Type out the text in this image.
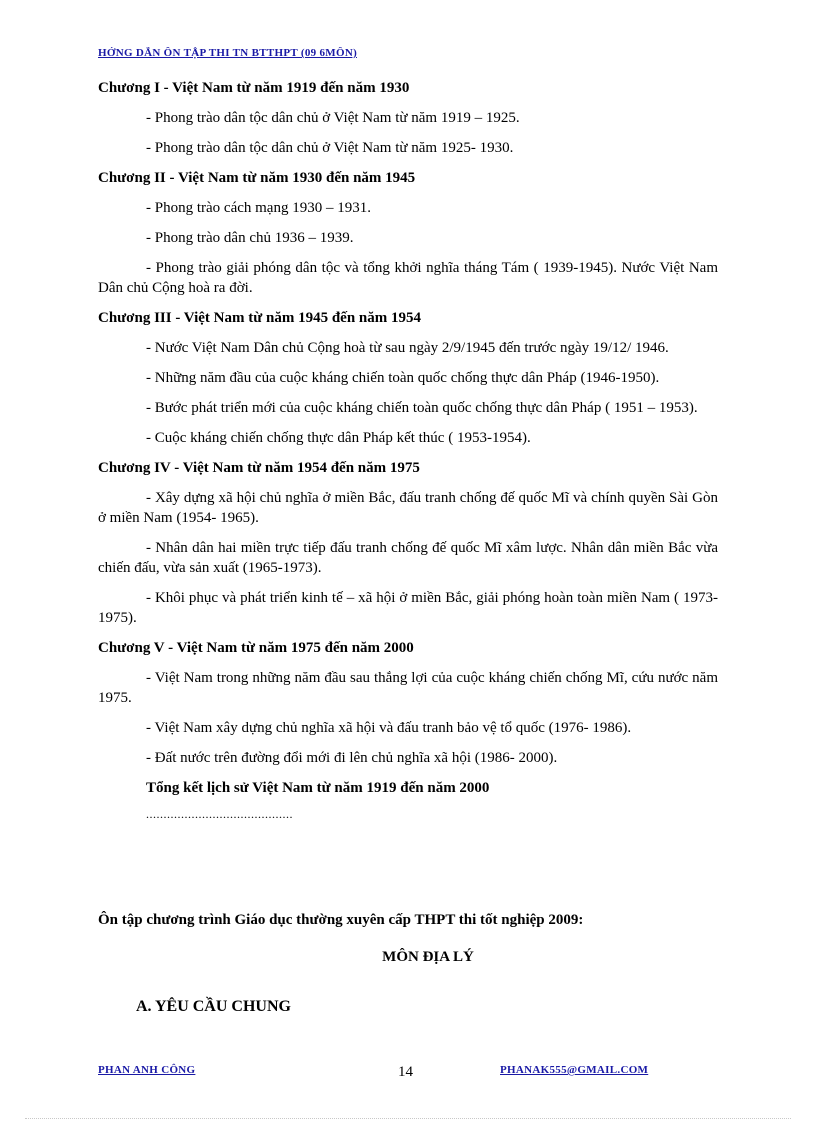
HỚNG DẪN ÔN TẬP THI TN BTTHPT (09 6MÔN)
Chương I - Việt Nam từ năm 1919 đến năm 1930
- Phong trào dân tộc dân chủ ở Việt Nam từ năm 1919 – 1925.
- Phong trào dân tộc dân chủ ở Việt Nam từ năm 1925- 1930.
Chương II - Việt Nam từ năm 1930 đến năm 1945
- Phong trào cách mạng 1930 – 1931.
- Phong trào dân chủ 1936 – 1939.
- Phong trào giải phóng dân tộc và tổng khởi nghĩa tháng Tám ( 1939-1945). Nước Việt Nam Dân chủ Cộng hoà ra đời.
Chương III - Việt Nam từ năm 1945 đến năm 1954
- Nước Việt Nam Dân chủ Cộng hoà từ sau ngày 2/9/1945 đến trước ngày 19/12/ 1946.
- Những năm đầu của cuộc kháng chiến toàn quốc chống thực dân Pháp (1946-1950).
- Bước phát triển mới của cuộc kháng chiến toàn quốc chống thực dân Pháp ( 1951 – 1953).
- Cuộc kháng chiến chống thực dân Pháp kết thúc ( 1953-1954).
Chương IV - Việt Nam từ năm 1954 đến năm 1975
- Xây dựng xã hội chủ nghĩa ở miền Bắc, đấu tranh chống đế quốc Mĩ và chính quyền Sài Gòn ở miền Nam (1954- 1965).
- Nhân dân hai miền trực tiếp đấu tranh chống đế quốc Mĩ xâm lược. Nhân dân miền Bắc vừa chiến đấu, vừa sản xuất (1965-1973).
- Khôi phục và phát triển kinh tế – xã hội ở miền Bắc, giải phóng hoàn toàn miền Nam ( 1973- 1975).
Chương V - Việt Nam từ năm 1975 đến năm 2000
- Việt Nam trong những năm đầu sau thắng lợi của cuộc kháng chiến chống Mĩ, cứu nước năm 1975.
- Việt Nam xây dựng chủ nghĩa xã hội và đấu tranh bảo vệ tổ quốc (1976- 1986).
- Đất nước trên đường đổi mới đi lên chủ nghĩa xã hội (1986- 2000).
Tổng kết lịch sử Việt Nam từ năm 1919 đến năm 2000
..........................................
Ôn tập chương trình Giáo dục thường xuyên cấp THPT thi tốt nghiệp 2009:
MÔN ĐỊA LÝ
A. YÊU CẦU CHUNG
PHAN ANH CÔNG	14	PHANAK555@GMAIL.COM
